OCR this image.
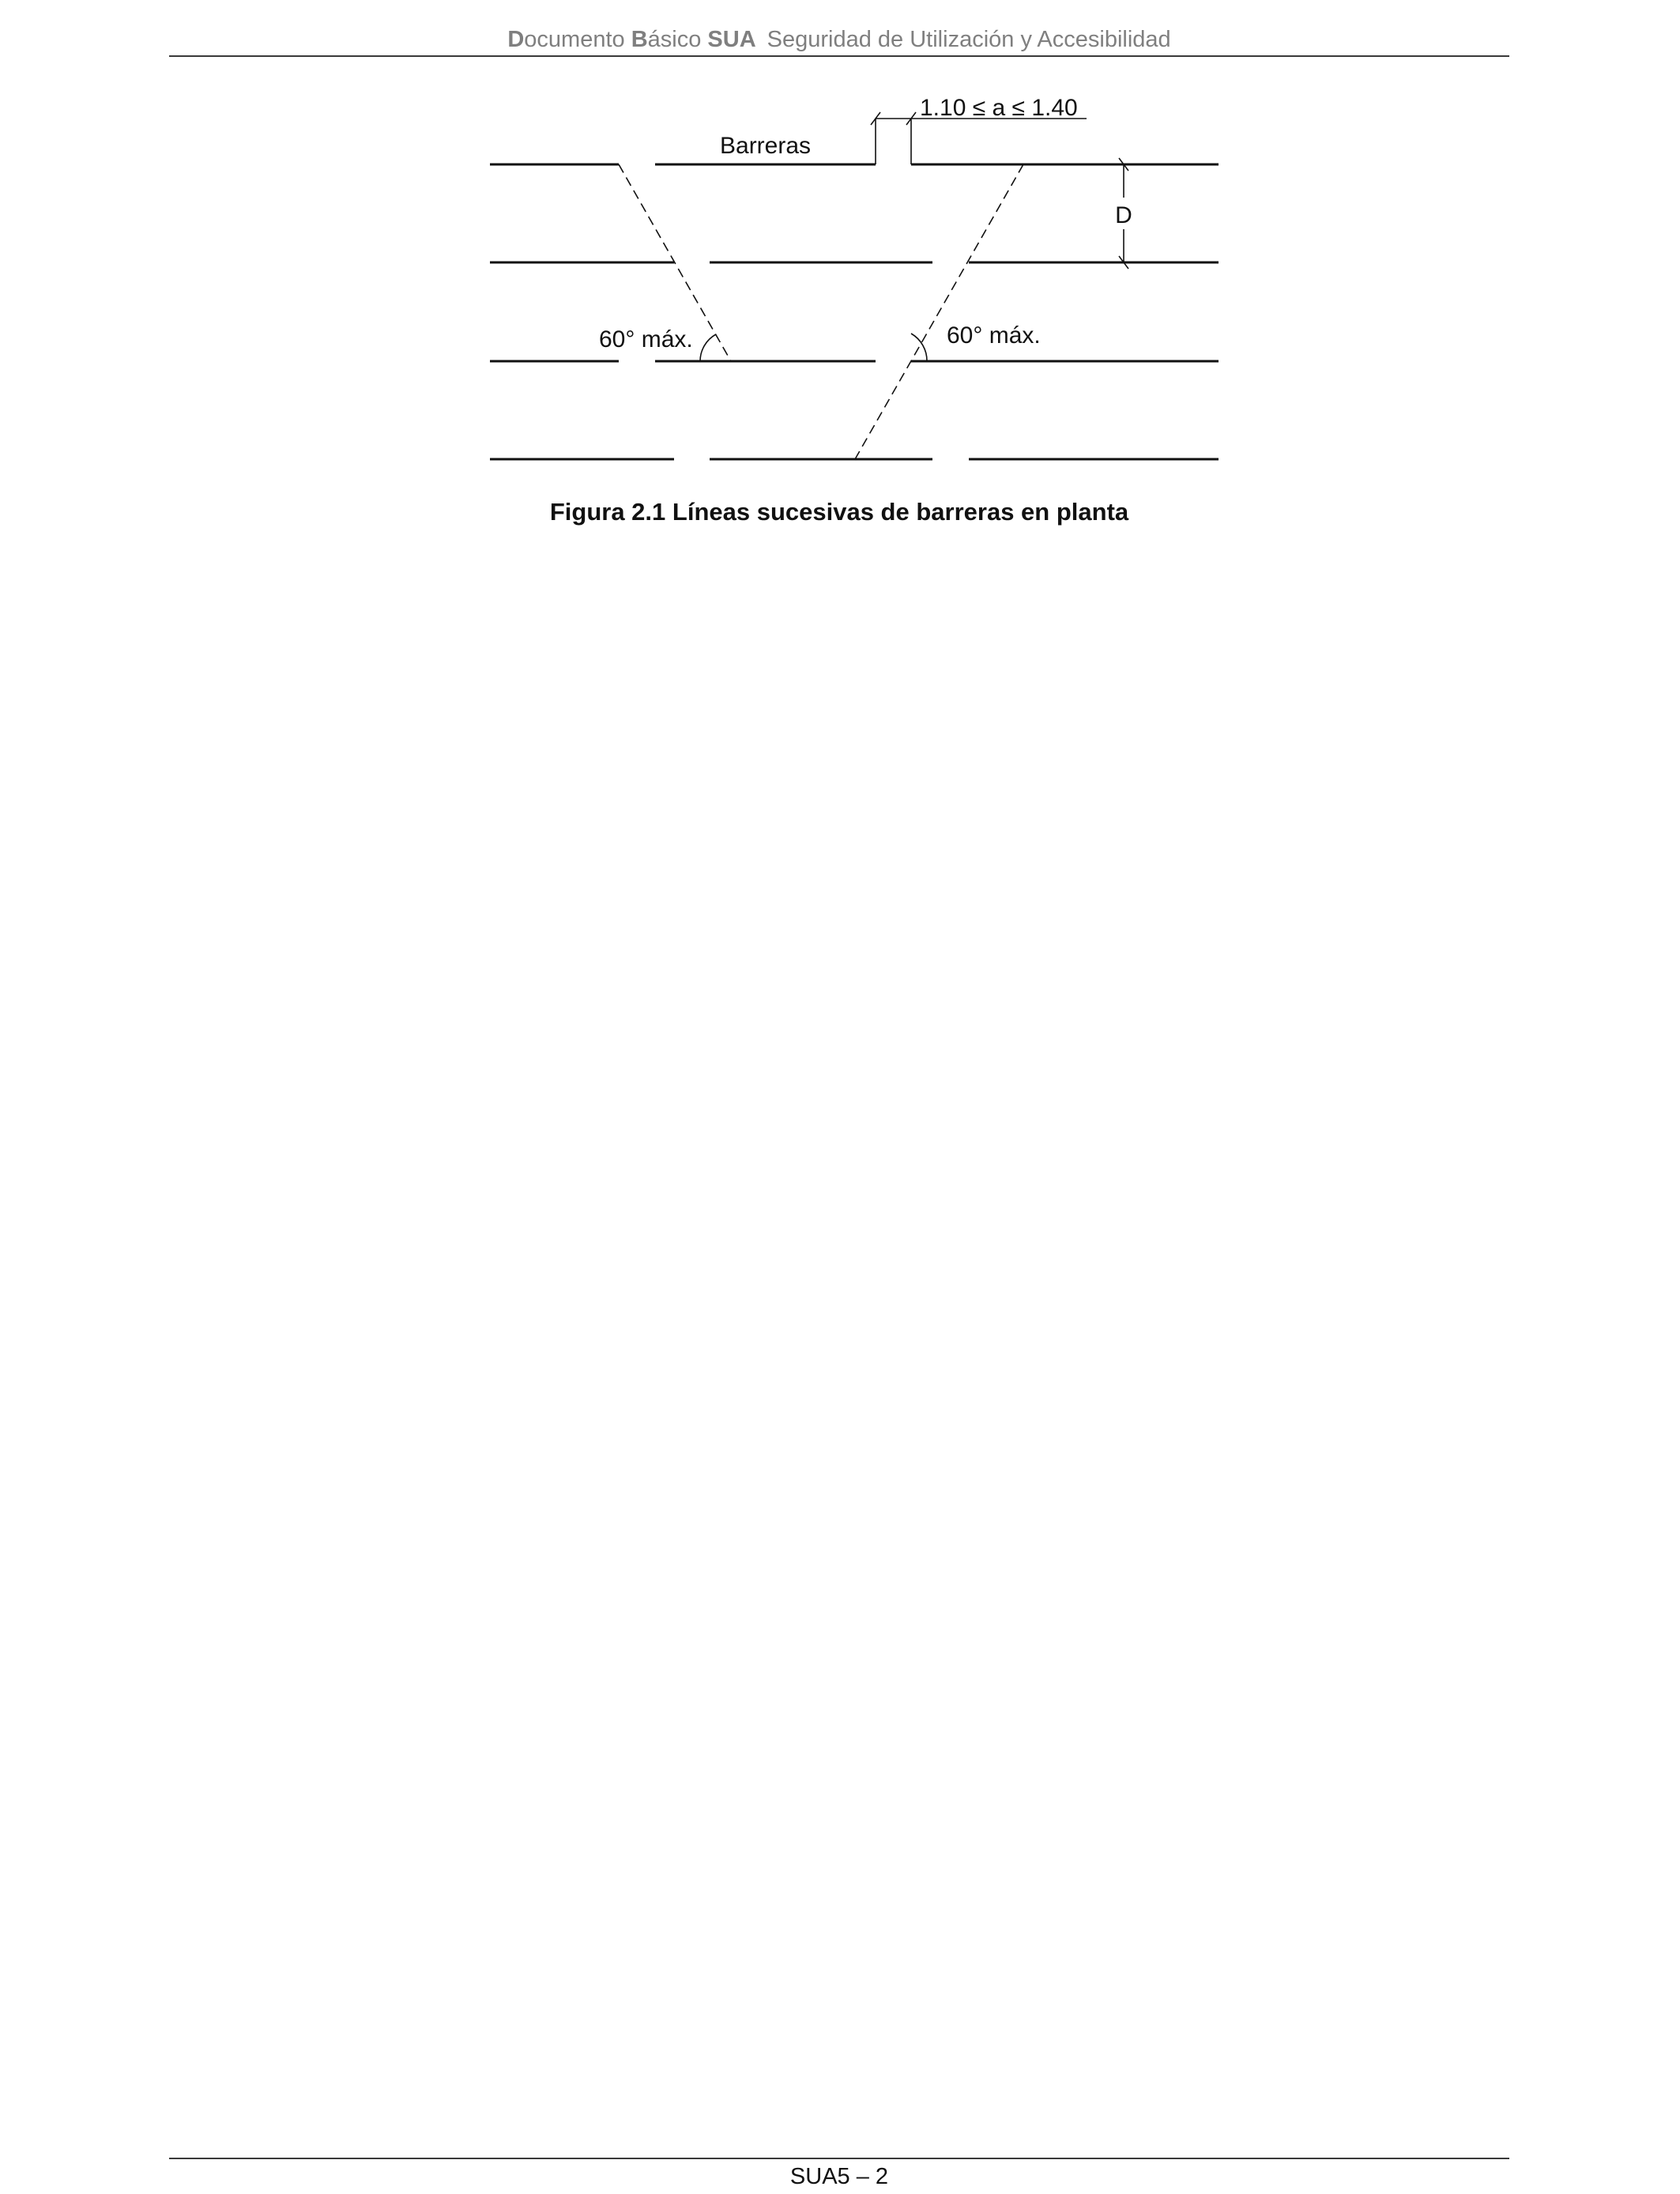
Documento Básico SUA Seguridad de Utilización y Accesibilidad
1.10 ≤ a ≤ 1.40
Barreras
D
60° máx.	60° máx.
Figura 2.1 Líneas sucesivas de barreras en planta
SUA5 – 2
